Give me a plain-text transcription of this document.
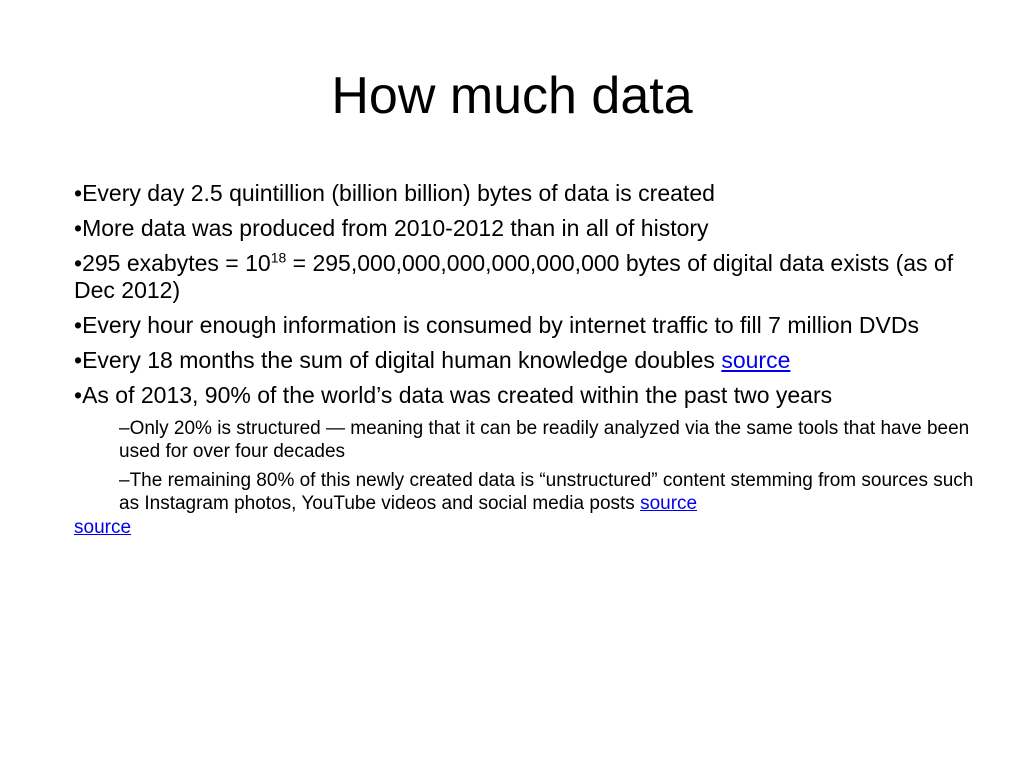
How much data

•Every day 2.5 quintillion (billion billion) bytes of data is created

•More data was produced from 2010-2012 than in all of history

•295 exabytes = $10^{18} = 295,000,000,000,000,000,000$ bytes of digital data exists (as of Dec 2012)

•Every hour enough information is consumed by internet traffic to fill 7 million DVDs

•Every 18 months the sum of digital human knowledge doubles source

•As of 2013, 90% of the world’s data was created within the past two years

–Only 20% is structured — meaning that it can be readily analyzed via the same tools that have been used for over four decades

–The remaining 80% of this newly created data is “unstructured” content stemming from sources such as Instagram photos, YouTube videos and social media posts source

source
